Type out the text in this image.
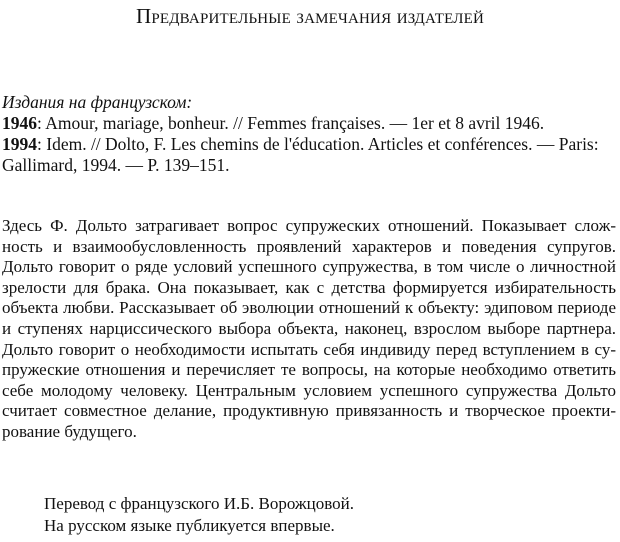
Предварительные замечания издателей
Издания на французском:
1946: Amour, mariage, bonheur. // Femmes françaises. — 1er et 8 avril 1946.
1994: Idem. // Dolto, F. Les chemins de l'éducation. Articles et conférences. — Paris:
Gallimard, 1994. — P. 139–151.
Здесь Ф. Дольто затрагивает вопрос супружеских отношений. Показывает слож-
ность и взаимообусловленность проявлений характеров и поведения супругов.
Дольто говорит о ряде условий успешного супружества, в том числе о личностной
зрелости для брака. Она показывает, как с детства формируется избирательность
объекта любви. Рассказывает об эволюции отношений к объекту: эдиповом периоде
и ступенях нарциссического выбора объекта, наконец, взрослом выборе партнера.
Дольто говорит о необходимости испытать себя индивиду перед вступлением в су-
пружеские отношения и перечисляет те вопросы, на которые необходимо ответить
себе молодому человеку. Центральным условием успешного супружества Дольто
считает совместное делание, продуктивную привязанность и творческое проекти-
рование будущего.
Перевод с французского И.Б. Ворожцовой.
На русском языке публикуется впервые.
